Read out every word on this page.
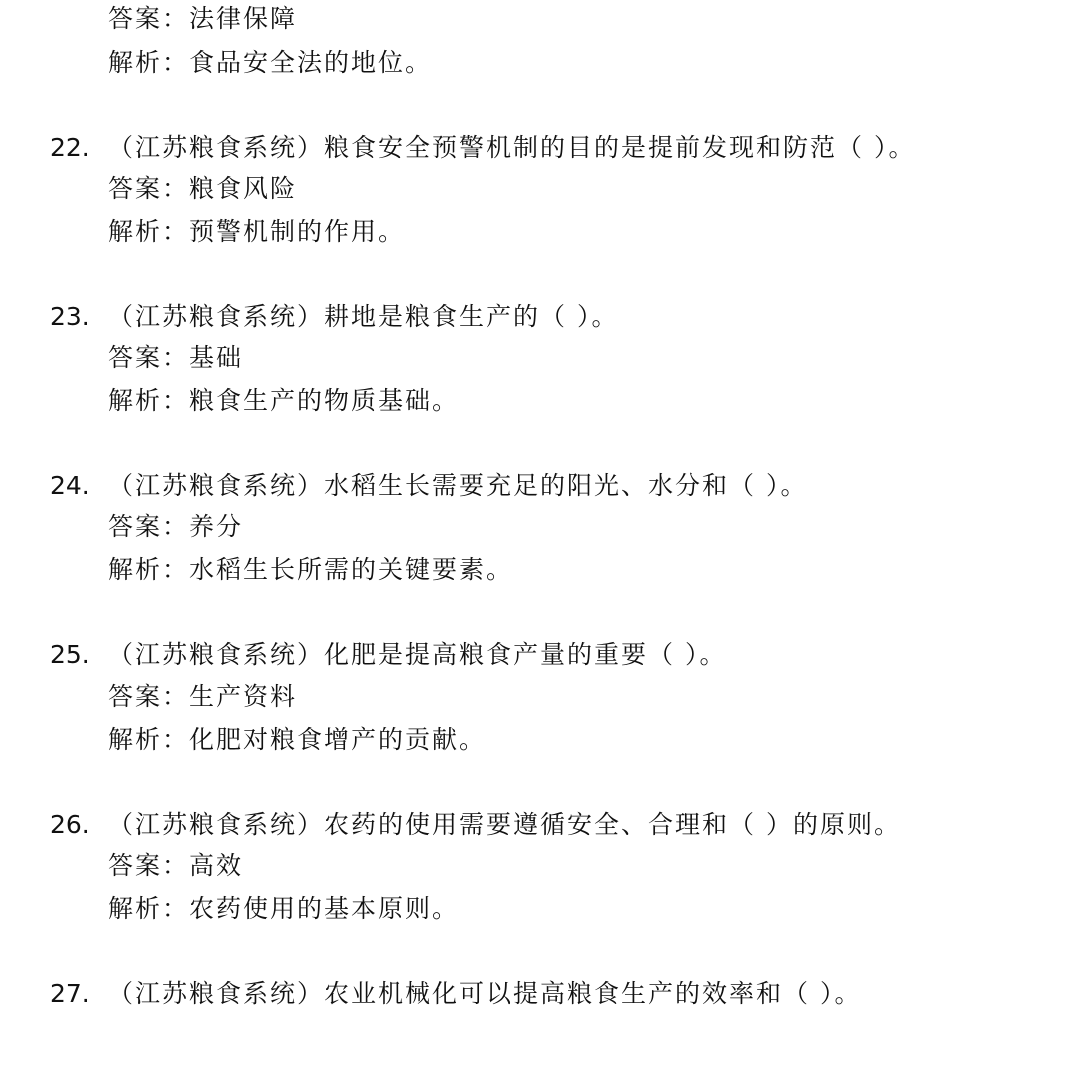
答案：法律保障
解析：食品安全法的地位。
22. （江苏粮食系统）粮食安全预警机制的目的是提前发现和防范（ ）。
答案：粮食风险
解析：预警机制的作用。
23. （江苏粮食系统）耕地是粮食生产的（ ）。
答案：基础
解析：粮食生产的物质基础。
24. （江苏粮食系统）水稻生长需要充足的阳光、水分和（ ）。
答案：养分
解析：水稻生长所需的关键要素。
25. （江苏粮食系统）化肥是提高粮食产量的重要（ ）。
答案：生产资料
解析：化肥对粮食增产的贡献。
26. （江苏粮食系统）农药的使用需要遵循安全、合理和（ ）的原则。
答案：高效
解析：农药使用的基本原则。
27. （江苏粮食系统）农业机械化可以提高粮食生产的效率和（ ）。
